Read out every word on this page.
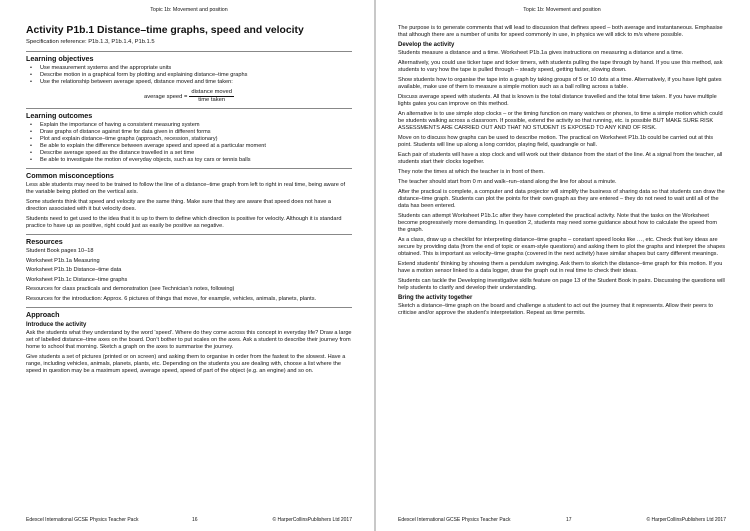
Topic 1b: Movement and position
Activity P1b.1 Distance–time graphs, speed and velocity
Specification reference: P1b.1.3, P1b.1.4, P1b.1.5
Learning objectives
• Use measurement systems and the appropriate units
• Describe motion in a graphical form by plotting and explaining distance–time graphs
• Use the relationship between average speed, distance moved and time taken:
average speed = $\frac{\text{distance moved}}{\text{time taken}}$
Learning outcomes
• Explain the importance of having a consistent measuring system
• Draw graphs of distance against time for data given in different forms
• Plot and explain distance–time graphs (approach, recession, stationary)
• Be able to explain the difference between average speed and speed at a particular moment
• Describe average speed as the distance travelled in a set time
• Be able to investigate the motion of everyday objects, such as toy cars or tennis balls
Common misconceptions

Less able students may need to be trained to follow the line of a distance–time graph from left to right in real time, being aware of the variable being plotted on the vertical axis.

Some students think that speed and velocity are the same thing. Make sure that they are aware that speed does not have a direction associated with it but velocity does.

Students need to get used to the idea that it is up to them to define which direction is positive for velocity. Although it is standard practice to have up as positive, right could just as easily be positive as negative.

Resources

Student Book pages 10–18

Worksheet P1b.1a Measuring

Worksheet P1b.1b Distance–time data

Worksheet P1b.1c Distance–time graphs

Resources for class practicals and demonstration (see Technician’s notes, following)

Resources for the introduction: Approx. 6 pictures of things that move, for example, vehicles, animals, planets, plants.

Approach
Introduce the activity

Ask the students what they understand by the word ‘speed’. Where do they come across this concept in everyday life? Draw a large set of labelled distance–time axes on the board. Don’t bother to put scales on the axes. Ask a student to describe their journey from home to school that morning. Sketch a graph on the axes to summarise the journey.

Give students a set of pictures (printed or on screen) and asking them to organise in order from the fastest to the slowest. Have a range, including vehicles, animals, planets, plants, etc. Depending on the students you are dealing with, choose a list where the speed in question may be a maximum speed, average speed, speed of part of the object (e.g. an engine) and so on.

Edexcel International GCSE Physics Teacher Pack	16	© HarperCollinsPublishers Ltd 2017
Topic 1b: Movement and position

The purpose is to generate comments that will lead to discussion that defines speed – both average and instantaneous. Emphasise that although there are a number of units for speed commonly in use, in physics we will stick to m/s where possible.

Develop the activity

Students measure a distance and a time. Worksheet P1b.1a gives instructions on measuring a distance and a time.

Alternatively, you could use ticker tape and ticker timers, with students pulling the tape through by hand. If you use this method, ask students to vary how the tape is pulled through – steady speed, getting faster, slowing down.

Show students how to organise the tape into a graph by taking groups of 5 or 10 dots at a time. Alternatively, if you have light gates available, make use of them to measure a simple motion such as a ball rolling across a table.

Discuss average speed with students. All that is known is the total distance travelled and the total time taken. If you have multiple lights gates you can improve on this method.

An alternative is to use simple stop clocks – or the timing function on many watches or phones, to time a simple motion which could be students walking across a classroom. If possible, extend the activity so that running, etc. is possible BUT MAKE SURE RISK ASSESSMENTS ARE CARRIED OUT AND THAT NO STUDENT IS EXPOSED TO ANY KIND OF RISK.

Move on to discuss how graphs can be used to describe motion. The practical on Worksheet P1b.1b could be carried out at this point. Students will line up along a long corridor, playing field, quadrangle or hall.

Each pair of students will have a stop clock and will work out their distance from the start of the line. At a signal from the teacher, all students start their clocks together.

They note the times at which the teacher is in front of them.

The teacher should start from 0 m and walk–run–stand along the line for about a minute.

After the practical is complete, a computer and data projector will simplify the business of sharing data so that students can draw the distance–time graph. Students can plot the points for their own graph as they are entered – they do not need to wait until all of the data has been entered.

Students can attempt Worksheet P1b.1c after they have completed the practical activity. Note that the tasks on the Worksheet become progressively more demanding. In question 2, students may need some guidance about how to calculate the speed from the graph.

As a class, draw up a checklist for interpreting distance–time graphs – constant speed looks like …, etc. Check that key ideas are secure by providing data (from the end of topic or exam-style questions) and asking them to plot the graphs and interpret the shapes obtained. This is important as velocity–time graphs (covered in the next activity) have similar shapes but carry different meanings.

Extend students’ thinking by showing them a pendulum swinging. Ask them to sketch the distance–time graph for this motion. If you have a motion sensor linked to a data logger, draw the graph out in real time to check their ideas.

Students can tackle the Developing investigative skills feature on page 13 of the Student Book in pairs. Discussing the questions will help students to clarify and develop their understanding.

Bring the activity together

Sketch a distance–time graph on the board and challenge a student to act out the journey that it represents. Allow their peers to criticise and/or approve the student’s interpretation. Repeat as time permits.

Edexcel International GCSE Physics Teacher Pack	17	© HarperCollinsPublishers Ltd 2017
